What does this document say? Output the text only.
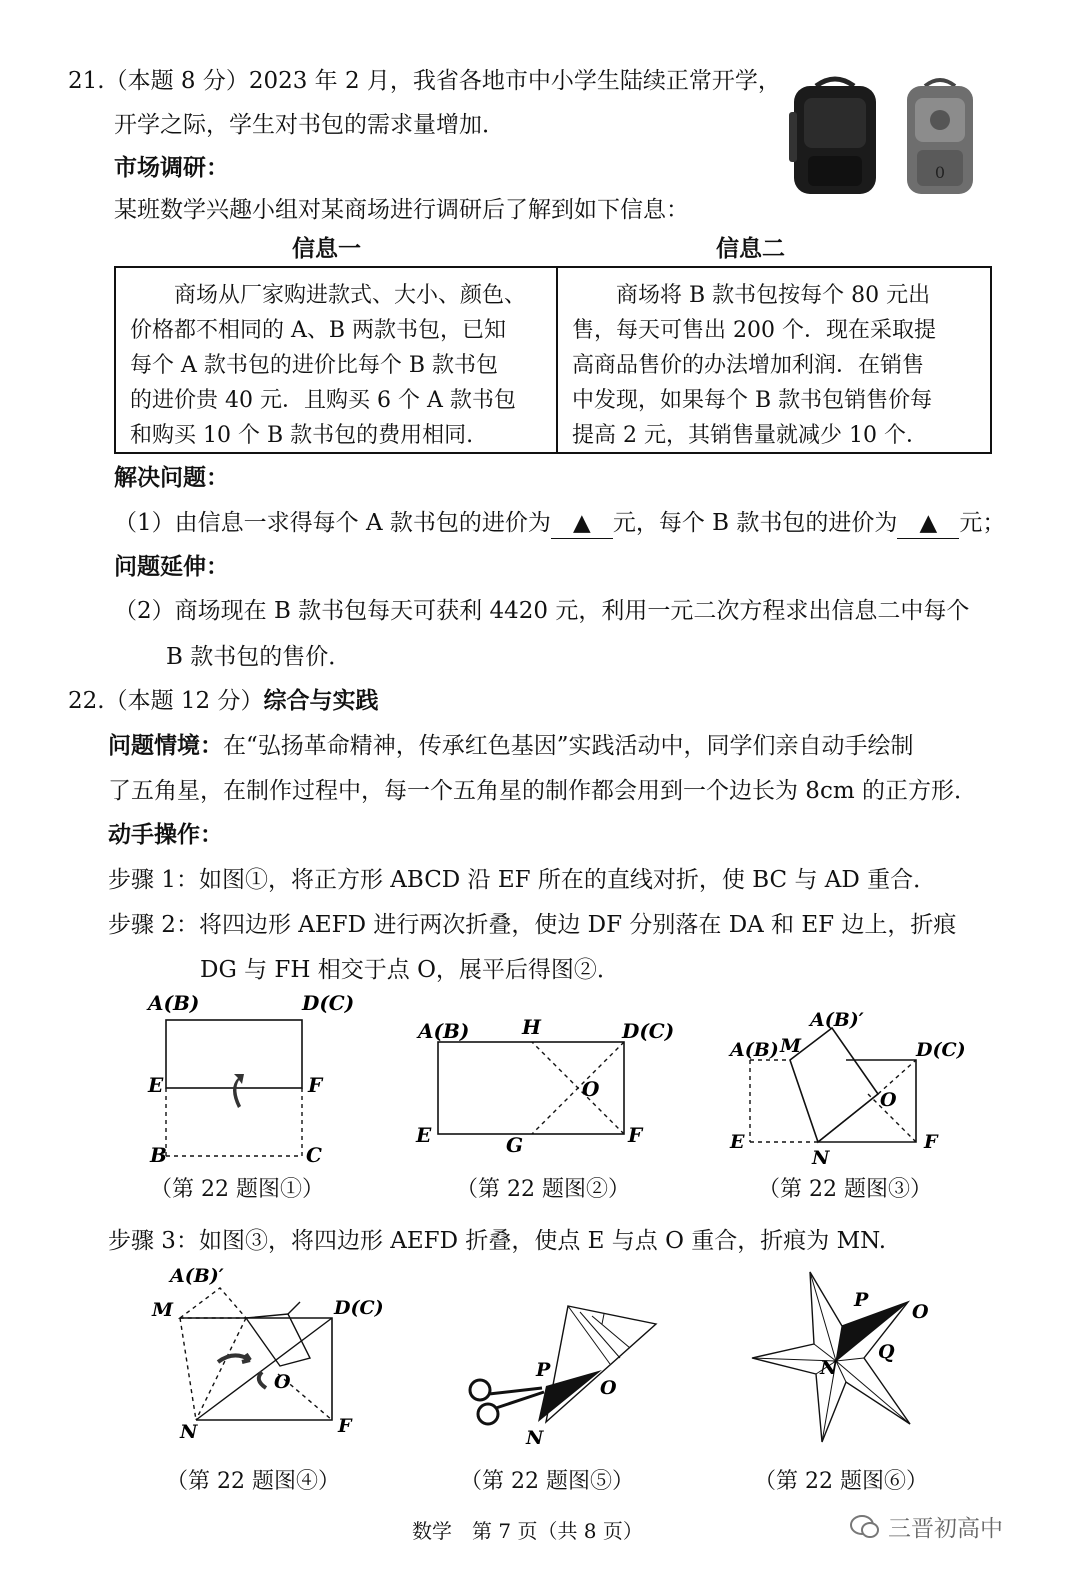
21.（本题 8 分）2023 年 2 月，我省各地市中小学生陆续正常开学，
开学之际，学生对书包的需求量增加．
0
市场调研：
某班数学兴趣小组对某商场进行调研后了解到如下信息：
信息一	信息二
　　商场从厂家购进款式、大小、颜色、
价格都不相同的 A、B 两款书包，已知
每个 A 款书包的进价比每个 B 款书包
的进价贵 40 元．且购买 6 个 A 款书包
和购买 10 个 B 款书包的费用相同.
　　商场将 B 款书包按每个 80 元出
售，每天可售出 200 个．现在采取提
高商品售价的办法增加利润．在销售
中发现，如果每个 B 款书包销售价每
提高 2 元，其销售量就减少 10 个．
解决问题：
（1）由信息一求得每个 A 款书包的进价为 ▲ 元，每个 B 款书包的进价为 ▲ 元；
问题延伸：
（2）商场现在 B 款书包每天可获利 4420 元，利用一元二次方程求出信息二中每个
B 款书包的售价．
22.（本题 12 分）综合与实践
问题情境：在“弘扬革命精神，传承红色基因”实践活动中，同学们亲自动手绘制
了五角星，在制作过程中，每一个五角星的制作都会用到一个边长为 8cm 的正方形．
动手操作：
步骤 1：如图①，将正方形 ABCD 沿 EF 所在的直线对折，使 BC 与 AD 重合．
步骤 2：将四边形 AEFD 进行两次折叠，使边 DF 分别落在 DA 和 EF 边上，折痕
DG 与 FH 相交于点 O，展平后得图②．
A(B)	D(C)
E	F
B	C
A(B)	H	D(C)
O
E	G	F
A(B) M
A(B)′
D(C)
O
E
N
F
（第 22 题图①）	（第 22 题图②）	（第 22 题图③）
步骤 3：如图③，将四边形 AEFD 折叠，使点 E 与点 O 重合，折痕为 MN.
A(B)′
M	D(C)
O
N	F
P
O
N
P
O
Q
N
（第 22 题图④）	（第 22 题图⑤）	（第 22 题图⑥）
数学　第 7 页（共 8 页）	三晋初高中
